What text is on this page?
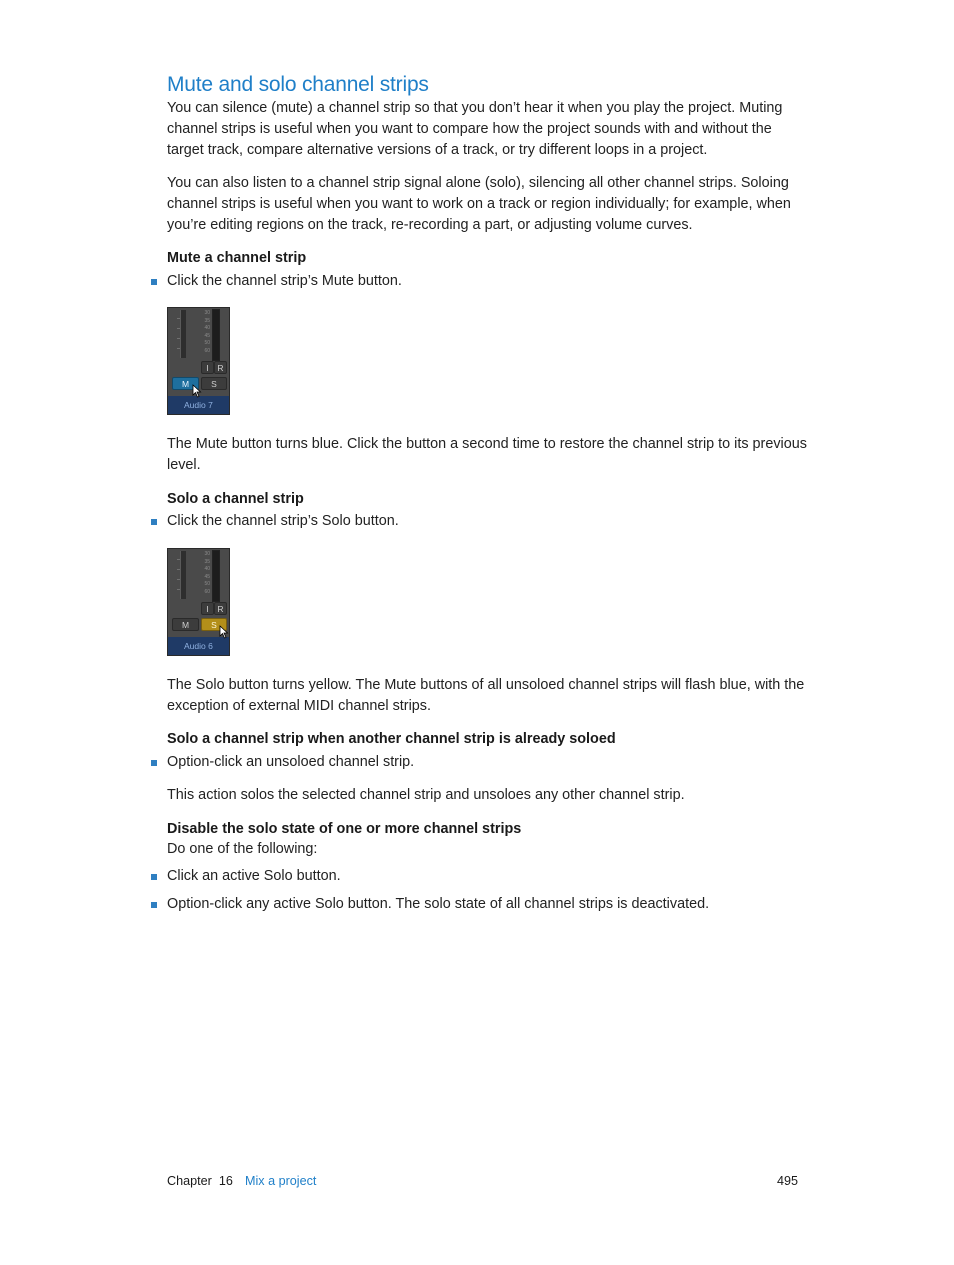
Mute and solo channel strips

You can silence (mute) a channel strip so that you don’t hear it when you play the project. Muting channel strips is useful when you want to compare how the project sounds with and without the target track, compare alternative versions of a track, or try different loops in a project.

You can also listen to a channel strip signal alone (solo), silencing all other channel strips. Soloing channel strips is useful when you want to work on a track or region individually; for example, when you’re editing regions on the track, re-recording a part, or adjusting volume curves.

Mute a channel strip
Click the channel strip’s Mute button.
30
35
40
45
50
60
I	R
M	S
Audio 7

The Mute button turns blue. Click the button a second time to restore the channel strip to its previous level.

Solo a channel strip
Click the channel strip’s Solo button.
30
35
40
45
50
60
I	R
M	S
Audio 6

The Solo button turns yellow. The Mute buttons of all unsoloed channel strips will flash blue, with the exception of external MIDI channel strips.

Solo a channel strip when another channel strip is already soloed
Option-click an unsoloed channel strip.

This action solos the selected channel strip and unsoloes any other channel strip.

Disable the solo state of one or more channel strips
Do one of the following:
Click an active Solo button.
Option-click any active Solo button. The solo state of all channel strips is deactivated.
Chapter 16 Mix a project	495
